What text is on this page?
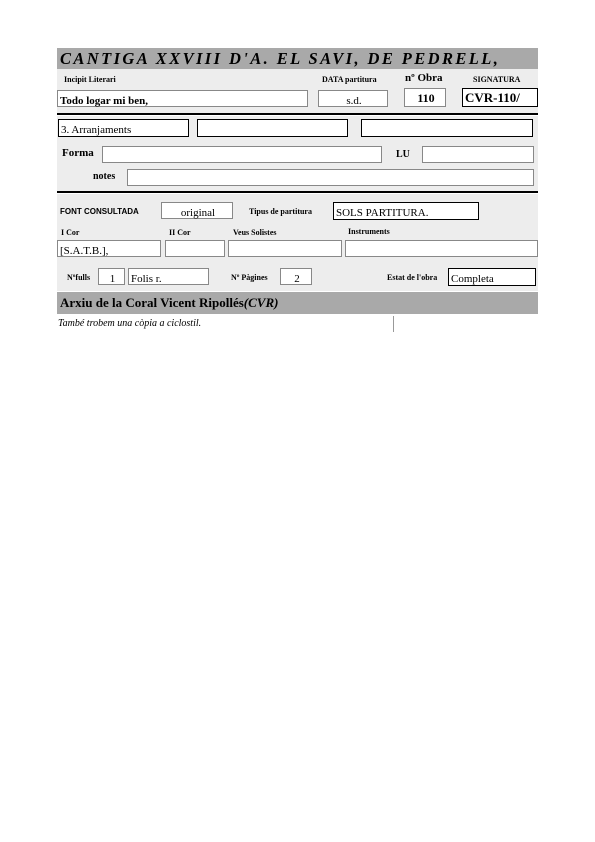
CANTIGA XXVIII D'A. EL SAVI, DE PEDRELL,
Incipit Literari	DATA partitura	nº Obra	SIGNATURA
Todo logar mi ben,	s.d.	110	CVR-110/
3. Arranjaments
Forma	LU
notes
FONT CONSULTADA	original	Tipus de partitura SOLS PARTITURA.
I Cor	II Cor	Veus Solistes	Instruments
[S.A.T.B.],
Nºfulls	1	Folis r.	Nº Pàgines	2	Estat de l'obra Completa
Arxiu de la Coral Vicent Ripollés(CVR)
També trobem una còpia a ciclostil.
